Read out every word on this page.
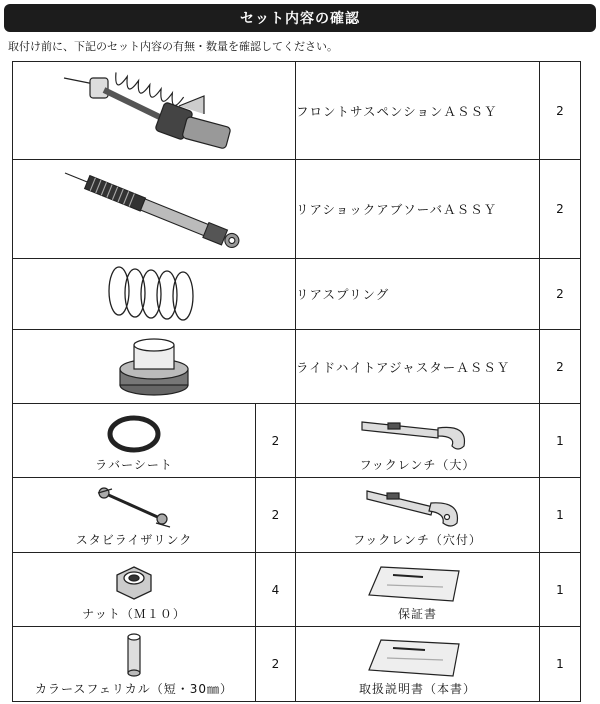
セット内容の確認
取付け前に、下記のセット内容の有無・数量を確認してください。
	フロントサスペンションＡＳＳＹ	2

	リアショックアブソーバＡＳＳＹ	2

	リアスプリング	2

	ライドハイトアジャスターＡＳＳＹ	2

ラバーシート	2	フックレンチ（大）	1

スタビライザリンク	2	フックレンチ（穴付）	1

ナット（Ｍ１０）	4	保証書	1

カラースフェリカル（短・30㎜）	2	取扱説明書（本書）	1
